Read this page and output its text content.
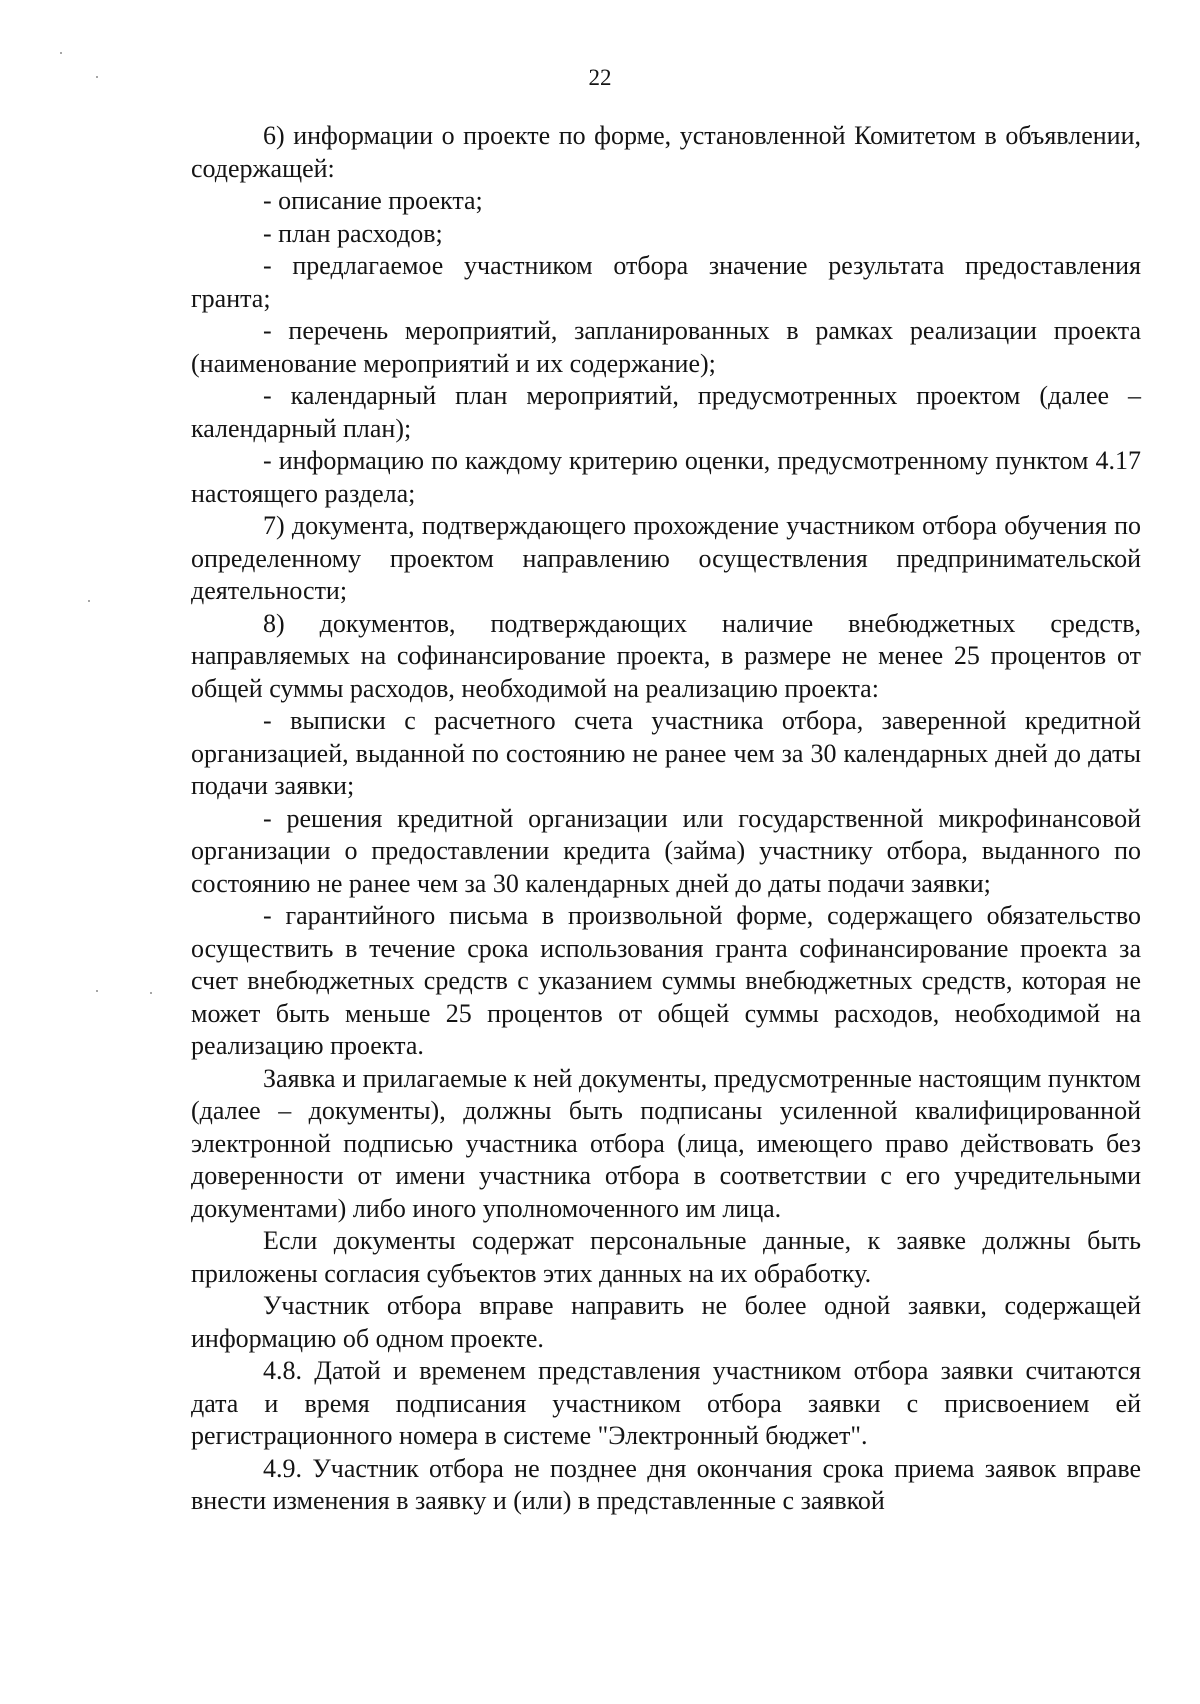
22

6) информации о проекте по форме, установленной Комитетом в объявлении, содержащей:

- описание проекта;

- план расходов;

- предлагаемое участником отбора значение результата предоставления гранта;

- перечень мероприятий, запланированных в рамках реализации проекта (наименование мероприятий и их содержание);

- календарный план мероприятий, предусмотренных проектом (далее – календарный план);

- информацию по каждому критерию оценки, предусмотренному пунктом 4.17 настоящего раздела;

7) документа, подтверждающего прохождение участником отбора обучения по определенному проектом направлению осуществления предпринимательской деятельности;

8) документов, подтверждающих наличие внебюджетных средств, направляемых на софинансирование проекта, в размере не менее 25 процентов от общей суммы расходов, необходимой на реализацию проекта:

- выписки с расчетного счета участника отбора, заверенной кредитной организацией, выданной по состоянию не ранее чем за 30 календарных дней до даты подачи заявки;

- решения кредитной организации или государственной микрофинансовой организации о предоставлении кредита (займа) участнику отбора, выданного по состоянию не ранее чем за 30 календарных дней до даты подачи заявки;

- гарантийного письма в произвольной форме, содержащего обязательство осуществить в течение срока использования гранта софинансирование проекта за счет внебюджетных средств с указанием суммы внебюджетных средств, которая не может быть меньше 25 процентов от общей суммы расходов, необходимой на реализацию проекта.

Заявка и прилагаемые к ней документы, предусмотренные настоящим пунктом (далее – документы), должны быть подписаны усиленной квалифицированной электронной подписью участника отбора (лица, имеющего право действовать без доверенности от имени участника отбора в соответствии с его учредительными документами) либо иного уполномоченного им лица.

Если документы содержат персональные данные, к заявке должны быть приложены согласия субъектов этих данных на их обработку.

Участник отбора вправе направить не более одной заявки, содержащей информацию об одном проекте.

4.8. Датой и временем представления участником отбора заявки считаются дата и время подписания участником отбора заявки с присвоением ей регистрационного номера в системе "Электронный бюджет".

4.9. Участник отбора не позднее дня окончания срока приема заявок вправе внести изменения в заявку и (или) в представленные с заявкой
